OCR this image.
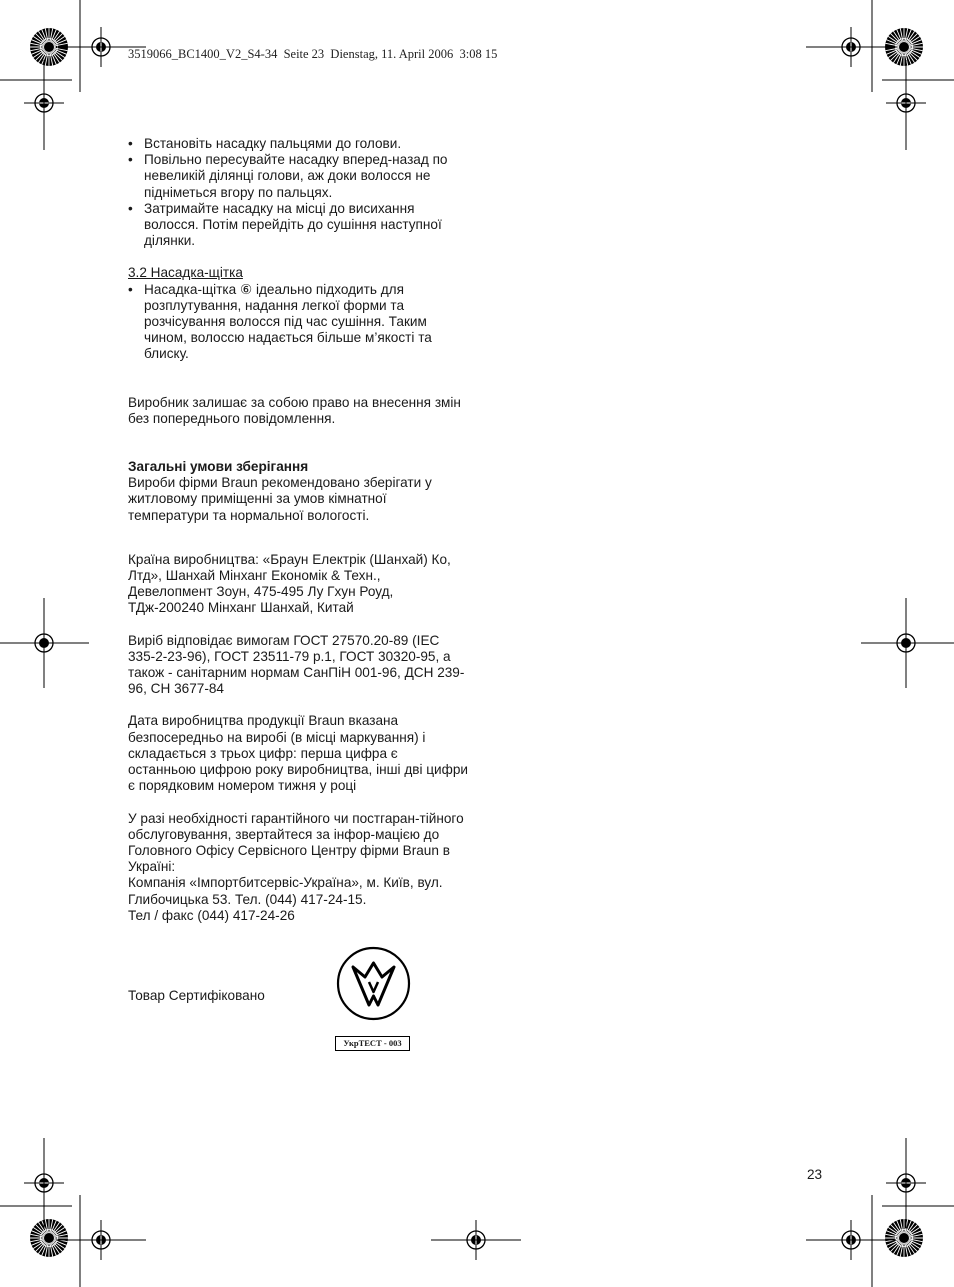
3519066_BC1400_V2_S4-34  Seite 23  Dienstag, 11. April 2006  3:08 15

• Встановіть насадку пальцями до голови.

• Повільно пересувайте насадку вперед-назад по невеликій ділянці голови, аж доки волосся не підніметься вгору по пальцях.

• Затримайте насадку на місці до висихання волосся. Потім перейдіть до сушіння наступної ділянки.

3.2 Насадка-щітка

• Насадка-щітка ⑥ ідеально підходить для розплутування, надання легкої форми та розчісування волосся під час сушіння. Таким чином, волоссю надається більше м’якості та блиску.

Виробник залишає за собою право на внесення змін без попереднього повідомлення.

Загальні умови зберігання

Вироби фірми Braun рекомендовано зберігати у житловому приміщенні за умов кімнатної температури та нормальної вологості.

Країна виробництва: «Браун Електрік (Шанхай) Ко, Лтд», Шанхай Мінханг Економік & Техн., Девелопмент Зоун, 475-495 Лу Гхун Роуд, ТДж-200240 Мінханг Шанхай, Китай

Виріб відповідає вимогам ГОСТ 27570.20-89 (IEC 335-2-23-96), ГОСТ 23511-79 р.1, ГОСТ 30320-95, а також - санітарним нормам СанПіН 001-96, ДСН 239-96, СН 3677-84

Дата виробництва продукції Braun вказана безпосередньо на виробі (в місці маркування) і складається з трьох цифр: перша цифра є останньою цифрою року виробництва, інші дві цифри є порядковим номером тижня у році

У разі необхідності гарантійного чи постгаран-тійного обслуговування, звертайтеся за інфор-мацією до Головного Офісу Сервісного Центру фірми Braun в Україні:

Компанія «Імпортбитсервіс-Україна», м. Київ, вул. Глибочицька 53. Тел. (044) 417-24-15.

Тел / факс (044) 417-24-26

Товар Сертифіковано
УкрТЕСТ - 003
23
